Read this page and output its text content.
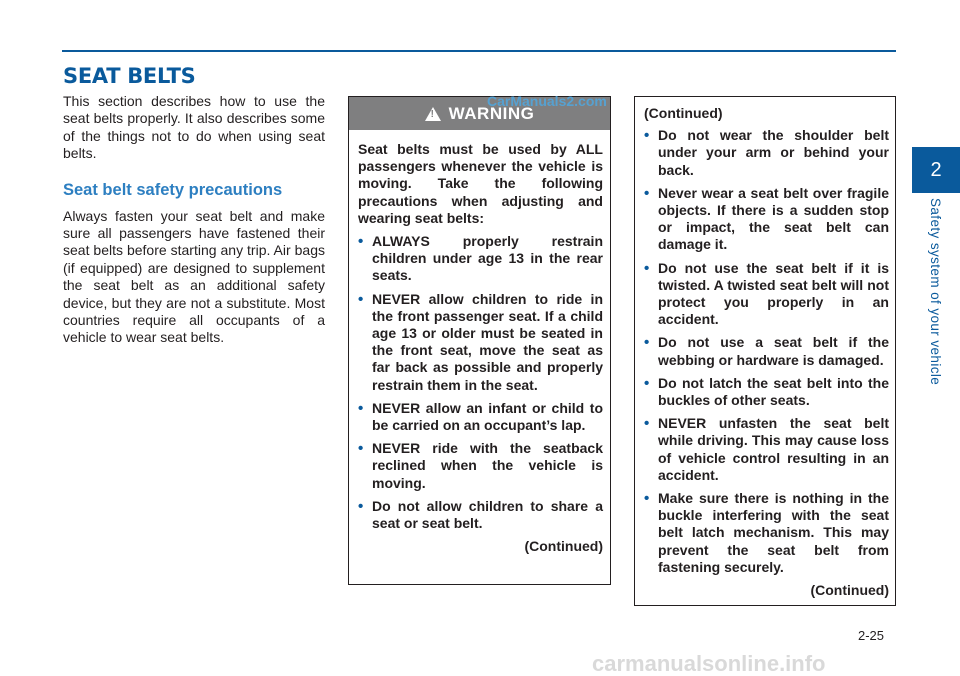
SEAT BELTS

This section describes how to use the seat belts properly. It also describes some of the things not to do when using seat belts.

Seat belt safety precautions

Always fasten your seat belt and make sure all passengers have fastened their seat belts before starting any trip. Air bags (if equipped) are designed to supplement the seat belt as an additional safety device, but they are not a substitute. Most countries require all occupants of a vehicle to wear seat belts.

! WARNING
CarManuals2.com

Seat belts must be used by ALL passengers whenever the vehicle is moving. Take the following precautions when adjusting and wearing seat belts:

• ALWAYS properly restrain children under age 13 in the rear seats.
• NEVER allow children to ride in the front passenger seat. If a child age 13 or older must be seated in the front seat, move the seat as far back as possible and properly restrain them in the seat.
• NEVER allow an infant or child to be carried on an occupant’s lap.
• NEVER ride with the seatback reclined when the vehicle is moving.
• Do not allow children to share a seat or seat belt.

(Continued)

(Continued)

• Do not wear the shoulder belt under your arm or behind your back.
• Never wear a seat belt over fragile objects. If there is a sudden stop or impact, the seat belt can damage it.
• Do not use the seat belt if it is twisted. A twisted seat belt will not protect you properly in an accident.
• Do not use a seat belt if the webbing or hardware is damaged.
• Do not latch the seat belt into the buckles of other seats.
• NEVER unfasten the seat belt while driving. This may cause loss of vehicle control resulting in an accident.
• Make sure there is nothing in the buckle interfering with the seat belt latch mechanism. This may prevent the seat belt from fastening securely.

(Continued)

2
Safety system of your vehicle
2-25
carmanualsonline.info
